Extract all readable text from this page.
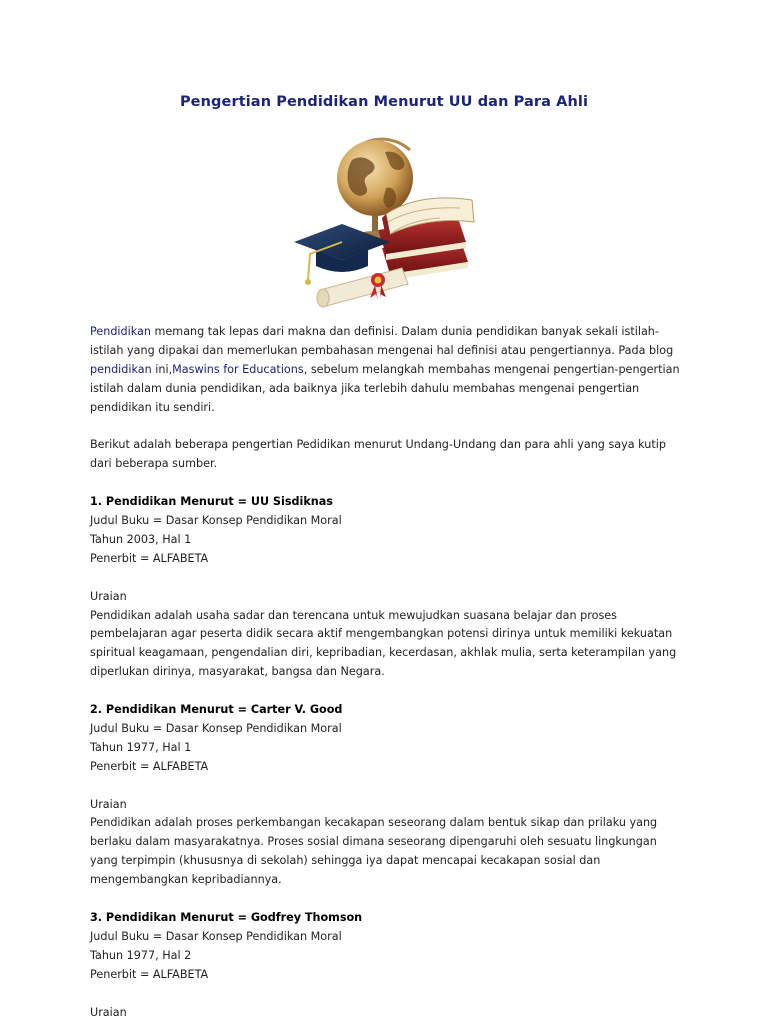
Pengertian Pendidikan Menurut UU dan Para Ahli

Pendidikan memang tak lepas dari makna dan definisi. Dalam dunia pendidikan banyak sekali istilah-istilah yang dipakai dan memerlukan pembahasan mengenai hal definisi atau pengertiannya. Pada blog pendidikan ini,Maswins for Educations, sebelum melangkah membahas mengenai pengertian-pengertian istilah dalam dunia pendidikan, ada baiknya jika terlebih dahulu membahas mengenai pengertian pendidikan itu sendiri.

Berikut adalah beberapa pengertian Pedidikan menurut Undang-Undang dan para ahli yang saya kutip dari beberapa sumber.

1. Pendidikan Menurut = UU Sisdiknas

Judul Buku = Dasar Konsep Pendidikan Moral

Tahun 2003, Hal 1

Penerbit = ALFABETA

Uraian

Pendidikan adalah usaha sadar dan terencana untuk mewujudkan suasana belajar dan proses pembelajaran agar peserta didik secara aktif mengembangkan potensi dirinya untuk memiliki kekuatan spiritual keagamaan, pengendalian diri, kepribadian, kecerdasan, akhlak mulia, serta keterampilan yang diperlukan dirinya, masyarakat, bangsa dan Negara.

2. Pendidikan Menurut = Carter V. Good

Judul Buku = Dasar Konsep Pendidikan Moral

Tahun 1977, Hal 1

Penerbit = ALFABETA

Uraian

Pendidikan adalah proses perkembangan kecakapan seseorang dalam bentuk sikap dan prilaku yang berlaku dalam masyarakatnya. Proses sosial dimana seseorang dipengaruhi oleh sesuatu lingkungan yang terpimpin (khususnya di sekolah) sehingga iya dapat mencapai kecakapan sosial dan mengembangkan kepribadiannya.

3. Pendidikan Menurut = Godfrey Thomson

Judul Buku = Dasar Konsep Pendidikan Moral

Tahun 1977, Hal 2

Penerbit = ALFABETA

Uraian
